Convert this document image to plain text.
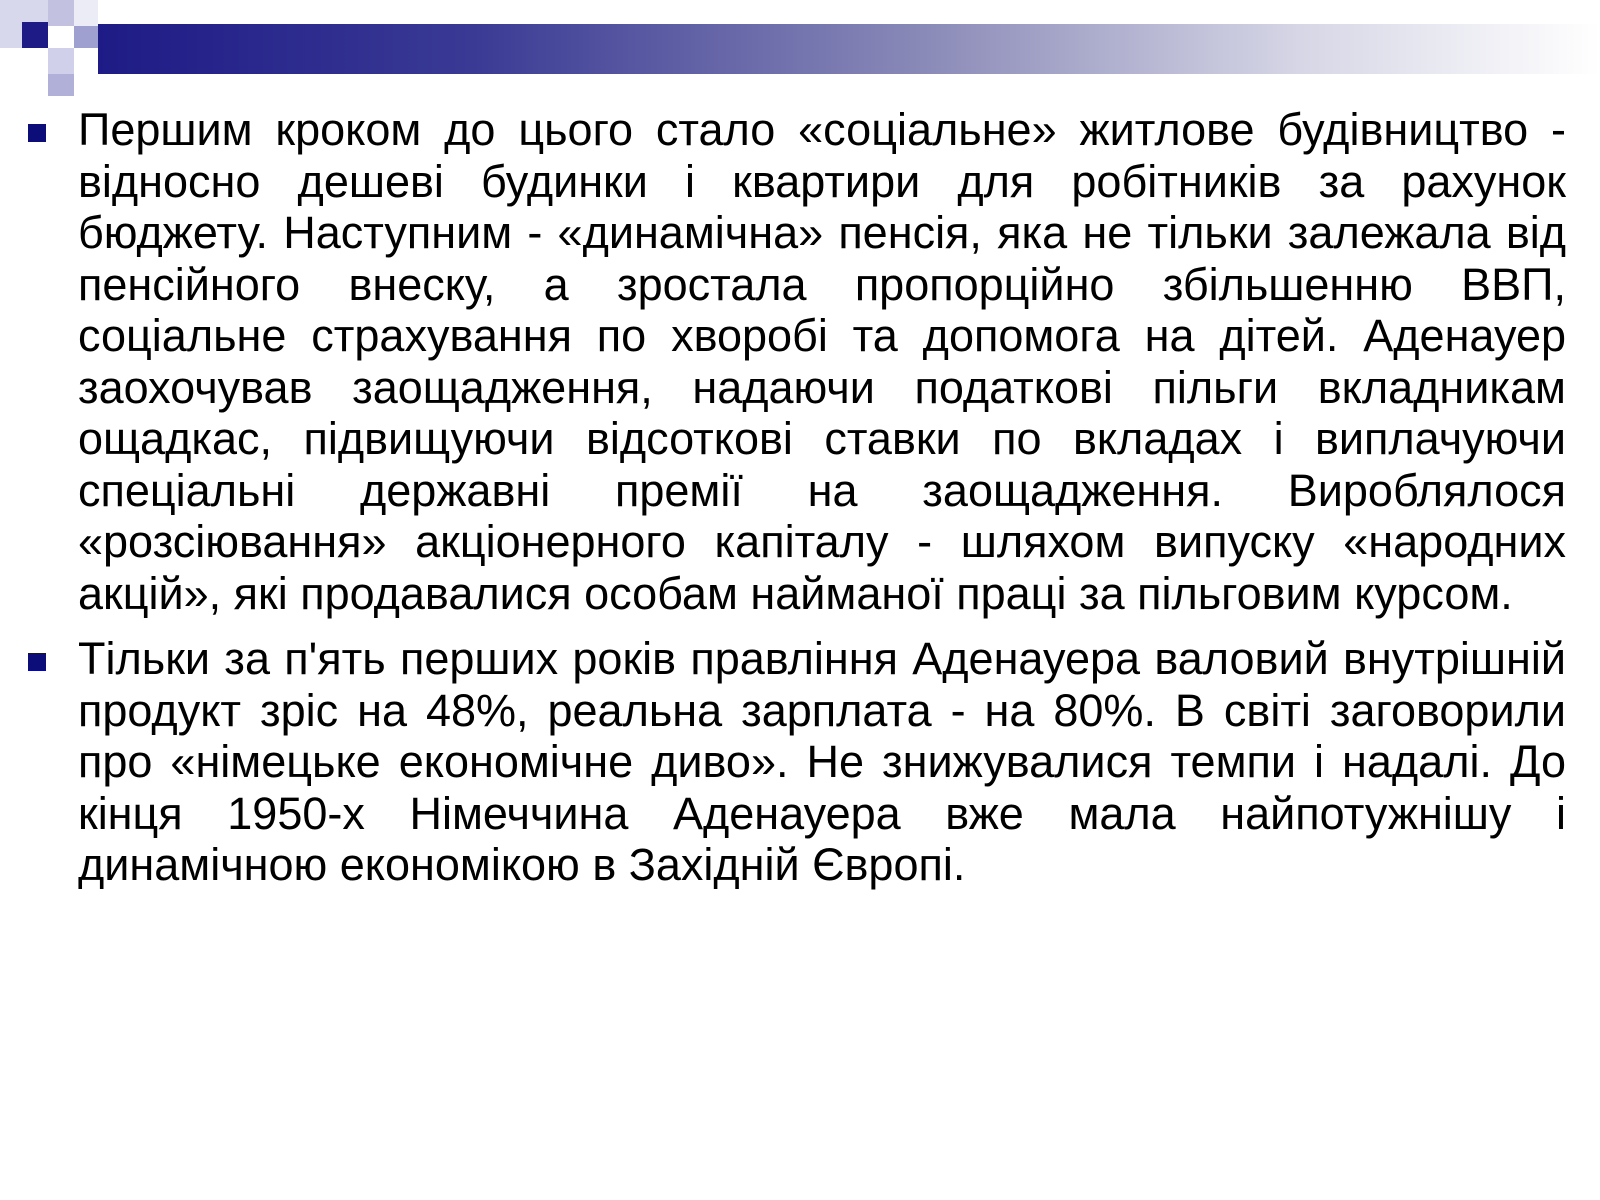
Першим кроком до цього стало «соціальне» житлове будівництво - відносно дешеві будинки і квартири для робітників за рахунок бюджету. Наступним - «динамічна» пенсія, яка не тільки залежала від пенсійного внеску, а зростала пропорційно збільшенню ВВП, соціальне страхування по хворобі та допомога на дітей. Аденауер заохочував заощадження, надаючи податкові пільги вкладникам ощадкас, підвищуючи відсоткові ставки по вкладах і виплачуючи спеціальні державні премії на заощадження. Вироблялося «розсіювання» акціонерного капіталу - шляхом випуску «народних акцій», які продавалися особам найманої праці за пільговим курсом.

Тільки за п'ять перших років правління Аденауера валовий внутрішній продукт зріс на 48%, реальна зарплата - на 80%. В світі заговорили про «німецьке економічне диво». Не знижувалися темпи і надалі. До кінця 1950-х Німеччина Аденауера вже мала найпотужнішу і динамічною економікою в Західній Європі.
